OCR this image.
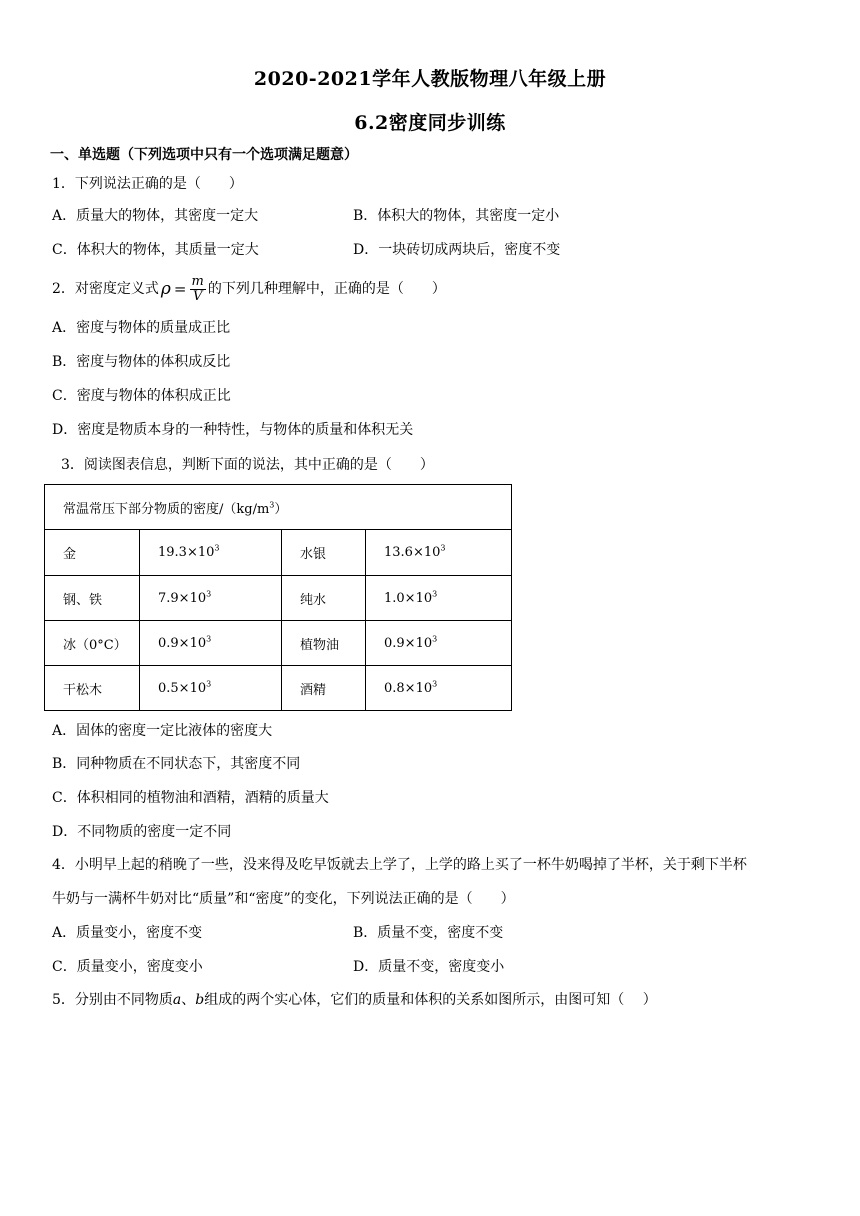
2020-2021学年人教版物理八年级上册
6.2密度同步训练
一、单选题（下列选项中只有一个选项满足题意）
1．下列说法正确的是（　　）
A．质量大的物体，其密度一定大	B．体积大的物体，其密度一定小
C．体积大的物体，其质量一定大	D．一块砖切成两块后，密度不变
2．对密度定义式 $\rho = \frac{m}{V}$ 的下列几种理解中，正确的是（　　）
A．密度与物体的质量成正比
B．密度与物体的体积成反比
C．密度与物体的体积成正比
D．密度是物质本身的一种特性，与物体的质量和体积无关
3．阅读图表信息，判断下面的说法，其中正确的是（　　）
常温常压下部分物质的密度$/(kg/m^3)$			
金	$19.3\times 10^3$	水银	$13.6\times 10^3$
钢、铁	$7.9\times 10^3$	纯水	$1.0\times 10^3$
冰（0°C）	$0.9\times 10^3$	植物油	$0.9\times 10^3$
干松木	$0.5\times 10^3$	酒精	$0.8\times 10^3$
A．固体的密度一定比液体的密度大
B．同种物质在不同状态下，其密度不同
C．体积相同的植物油和酒精，酒精的质量大
D．不同物质的密度一定不同
4．小明早上起的稍晚了一些，没来得及吃早饭就去上学了，上学的路上买了一杯牛奶喝掉了半杯，关于剩下半杯
牛奶与一满杯牛奶对比“质量”和“密度”的变化，下列说法正确的是（　　）
A．质量变小，密度不变	B．质量不变，密度不变
C．质量变小，密度变小	D．质量不变，密度变小
5．分别由不同物质a、b组成的两个实心体，它们的质量和体积的关系如图所示，由图可知（　 ）
